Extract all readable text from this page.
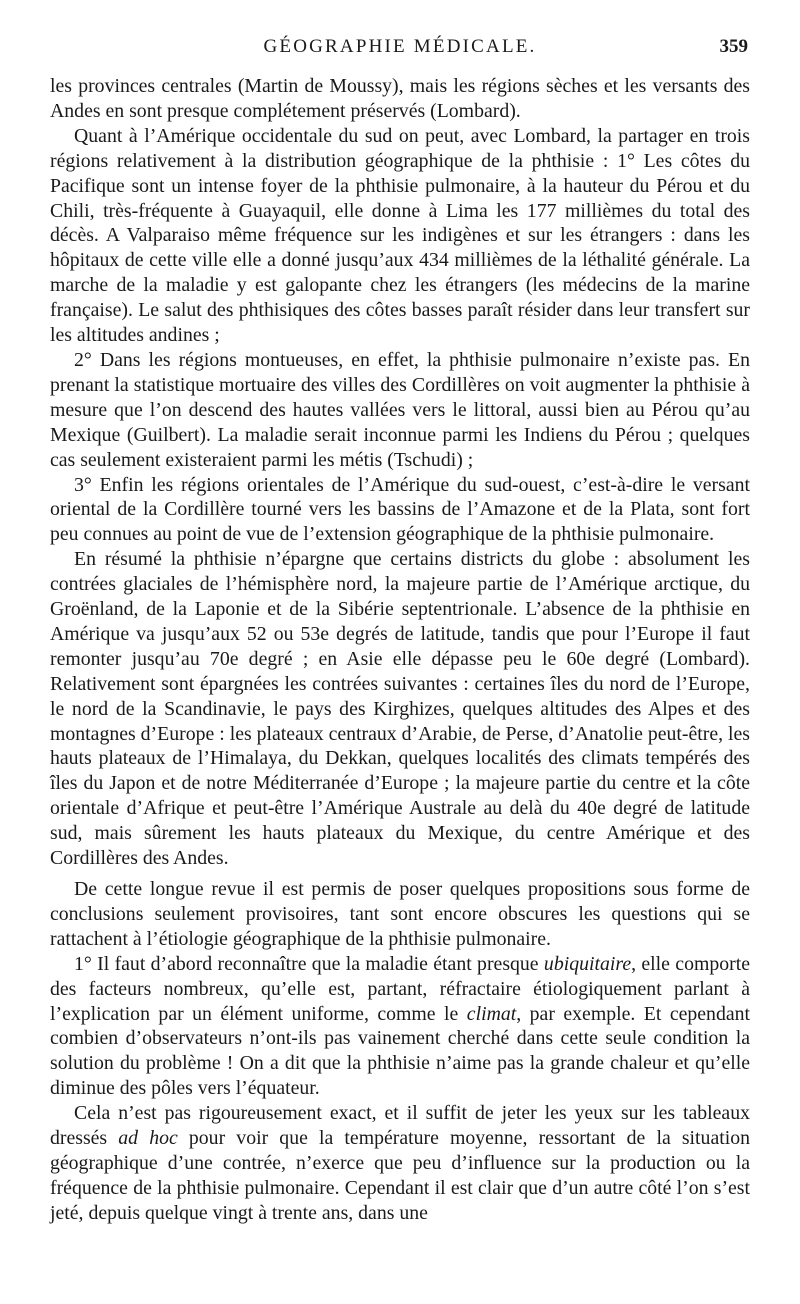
GÉOGRAPHIE MÉDICALE.	359

les provinces centrales (Martin de Moussy), mais les régions sèches et les versants des Andes en sont presque complétement préservés (Lombard).

Quant à l’Amérique occidentale du sud on peut, avec Lombard, la partager en trois régions relativement à la distribution géographique de la phthisie : 1° Les côtes du Pacifique sont un intense foyer de la phthisie pulmonaire, à la hauteur du Pérou et du Chili, très-fréquente à Guayaquil, elle donne à Lima les 177 millièmes du total des décès. A Valparaiso même fréquence sur les indigènes et sur les étrangers : dans les hôpitaux de cette ville elle a donné jusqu’aux 434 millièmes de la léthalité générale. La marche de la maladie y est galopante chez les étrangers (les médecins de la marine française). Le salut des phthisiques des côtes basses paraît résider dans leur transfert sur les altitudes andines ;

2° Dans les régions montueuses, en effet, la phthisie pulmonaire n’existe pas. En prenant la statistique mortuaire des villes des Cordillères on voit augmenter la phthisie à mesure que l’on descend des hautes vallées vers le littoral, aussi bien au Pérou qu’au Mexique (Guilbert). La maladie serait inconnue parmi les Indiens du Pérou ; quelques cas seulement existeraient parmi les métis (Tschudi) ;

3° Enfin les régions orientales de l’Amérique du sud-ouest, c’est-à-dire le versant oriental de la Cordillère tourné vers les bassins de l’Amazone et de la Plata, sont fort peu connues au point de vue de l’extension géographique de la phthisie pulmonaire.

En résumé la phthisie n’épargne que certains districts du globe : absolument les contrées glaciales de l’hémisphère nord, la majeure partie de l’Amérique arctique, du Groënland, de la Laponie et de la Sibérie septentrionale. L’absence de la phthisie en Amérique va jusqu’aux 52 ou 53e degrés de latitude, tandis que pour l’Europe il faut remonter jusqu’au 70e degré ; en Asie elle dépasse peu le 60e degré (Lombard). Relativement sont épargnées les contrées suivantes : certaines îles du nord de l’Europe, le nord de la Scandinavie, le pays des Kirghizes, quelques altitudes des Alpes et des montagnes d’Europe : les plateaux centraux d’Arabie, de Perse, d’Anatolie peut-être, les hauts plateaux de l’Himalaya, du Dekkan, quelques localités des climats tempérés des îles du Japon et de notre Méditerranée d’Europe ; la majeure partie du centre et la côte orientale d’Afrique et peut-être l’Amérique Australe au delà du 40e degré de latitude sud, mais sûrement les hauts plateaux du Mexique, du centre Amérique et des Cordillères des Andes.

De cette longue revue il est permis de poser quelques propositions sous forme de conclusions seulement provisoires, tant sont encore obscures les questions qui se rattachent à l’étiologie géographique de la phthisie pulmonaire.

1° Il faut d’abord reconnaître que la maladie étant presque ubiquitaire, elle comporte des facteurs nombreux, qu’elle est, partant, réfractaire étiologiquement parlant à l’explication par un élément uniforme, comme le climat, par exemple. Et cependant combien d’observateurs n’ont-ils pas vainement cherché dans cette seule condition la solution du problème ! On a dit que la phthisie n’aime pas la grande chaleur et qu’elle diminue des pôles vers l’équateur.

Cela n’est pas rigoureusement exact, et il suffit de jeter les yeux sur les tableaux dressés ad hoc pour voir que la température moyenne, ressortant de la situation géographique d’une contrée, n’exerce que peu d’influence sur la production ou la fréquence de la phthisie pulmonaire. Cependant il est clair que d’un autre côté l’on s’est jeté, depuis quelque vingt à trente ans, dans une
